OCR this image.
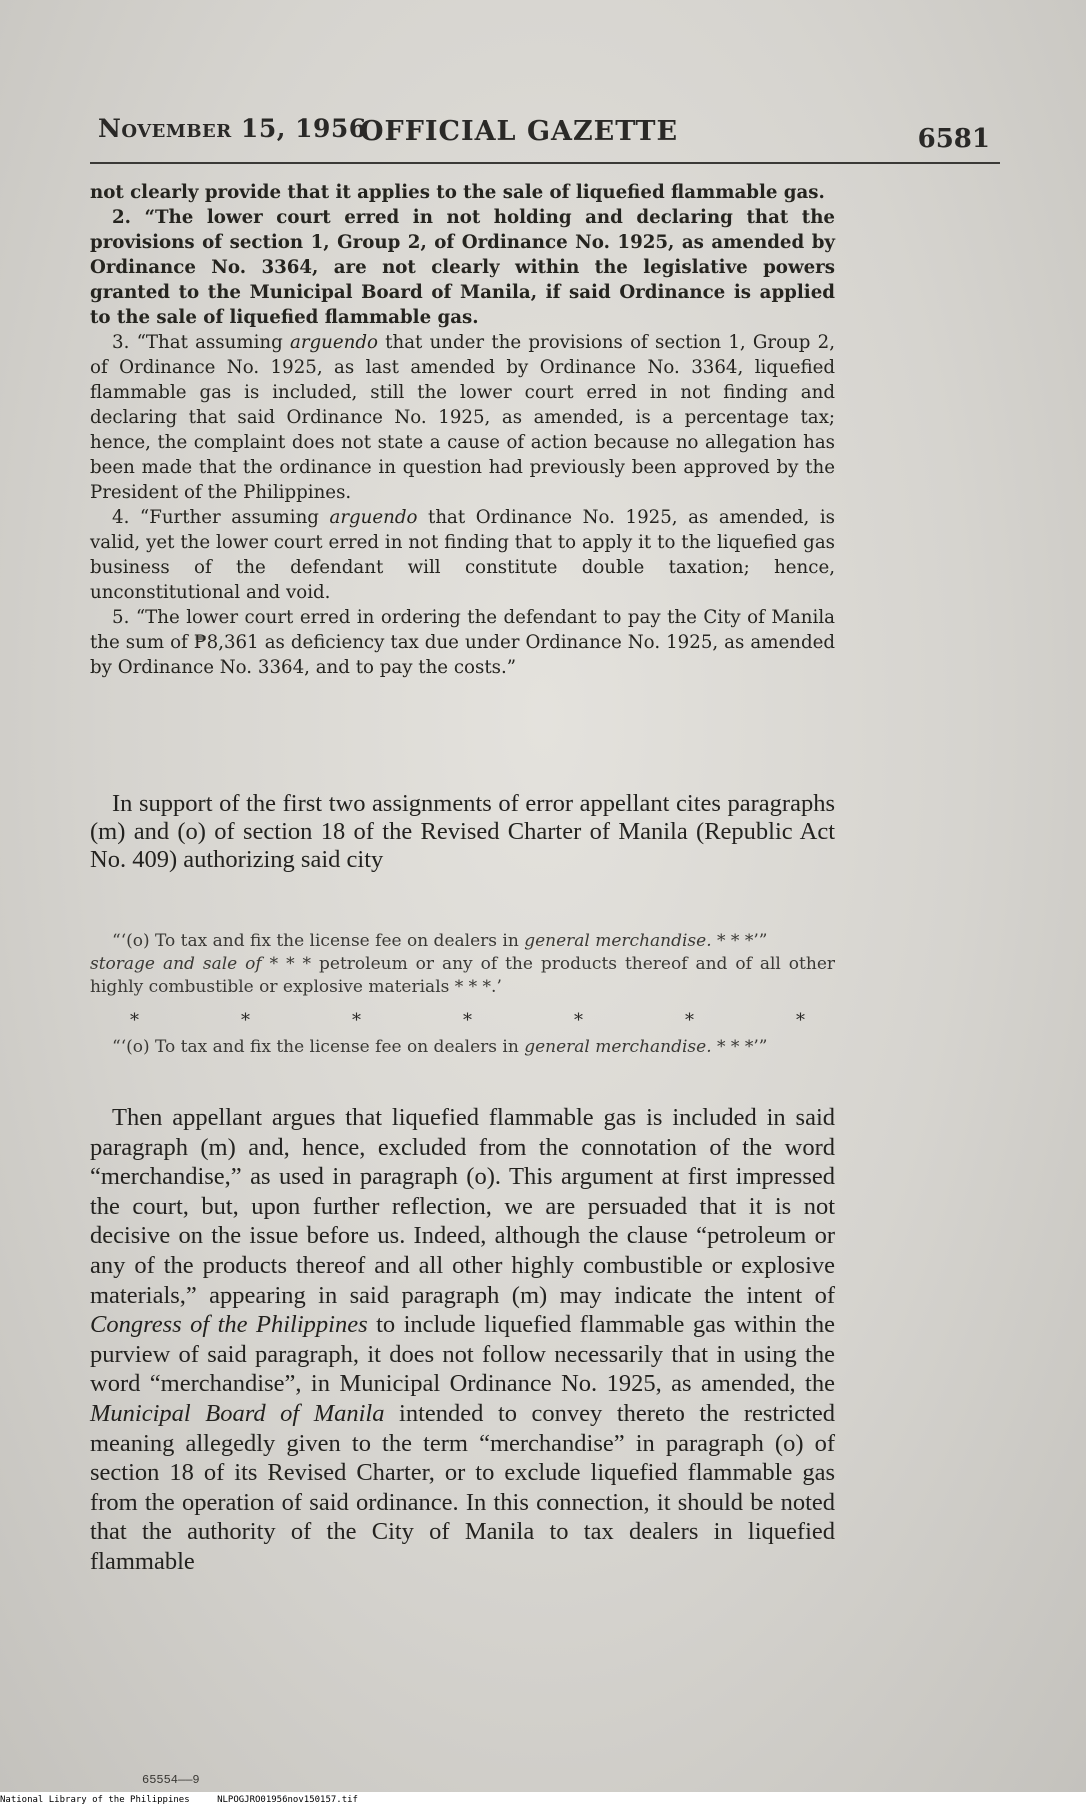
November 15, 1956
OFFICIAL GAZETTE	6581

not clearly provide that it applies to the sale of liquefied flammable gas.

2. “The lower court erred in not holding and declaring that the provisions of section 1, Group 2, of Ordinance No. 1925, as amended by Ordinance No. 3364, are not clearly within the legislative powers granted to the Municipal Board of Manila, if said Ordinance is applied to the sale of liquefied flammable gas.

3. “That assuming arguendo that under the provisions of section 1, Group 2, of Ordinance No. 1925, as last amended by Ordinance No. 3364, liquefied flammable gas is included, still the lower court erred in not finding and declaring that said Ordinance No. 1925, as amended, is a percentage tax; hence, the complaint does not state a cause of action because no allegation has been made that the ordinance in question had previously been approved by the President of the Philippines.

4. “Further assuming arguendo that Ordinance No. 1925, as amended, is valid, yet the lower court erred in not finding that to apply it to the liquefied gas business of the defendant will constitute double taxation; hence, unconstitutional and void.

5. “The lower court erred in ordering the defendant to pay the City of Manila the sum of ₱8,361 as deficiency tax due under Ordinance No. 1925, as amended by Ordinance No. 3364, and to pay the costs.”

In support of the first two assignments of error appellant cites paragraphs (m) and (o) of section 18 of the Revised Charter of Manila (Republic Act No. 409) authorizing said city

“‘(o) To tax and fix the license fee on dealers in general merchandise. * * *’”

storage and sale of * * * petroleum or any of the products thereof and of all other highly combustible or explosive materials * * *.’

*	*	*	*	*	*	*

“‘(o) To tax and fix the license fee on dealers in general merchandise. * * *’”

Then appellant argues that liquefied flammable gas is included in said paragraph (m) and, hence, excluded from the connotation of the word “merchandise,” as used in paragraph (o). This argument at first impressed the court, but, upon further reflection, we are persuaded that it is not decisive on the issue before us. Indeed, although the clause “petroleum or any of the products thereof and all other highly combustible or explosive materials,” appearing in said paragraph (m) may indicate the intent of Congress of the Philippines to include liquefied flammable gas within the purview of said paragraph, it does not follow necessarily that in using the word “merchandise”, in Municipal Ordinance No. 1925, as amended, the Municipal Board of Manila intended to convey thereto the restricted meaning allegedly given to the term “merchandise” in paragraph (o) of section 18 of its Revised Charter, or to exclude liquefied flammable gas from the operation of said ordinance. In this connection, it should be noted that the authority of the City of Manila to tax dealers in liquefied flammable

65554——9
National Library of the Philippines	NLPOGJRO01956nov150157.tif
